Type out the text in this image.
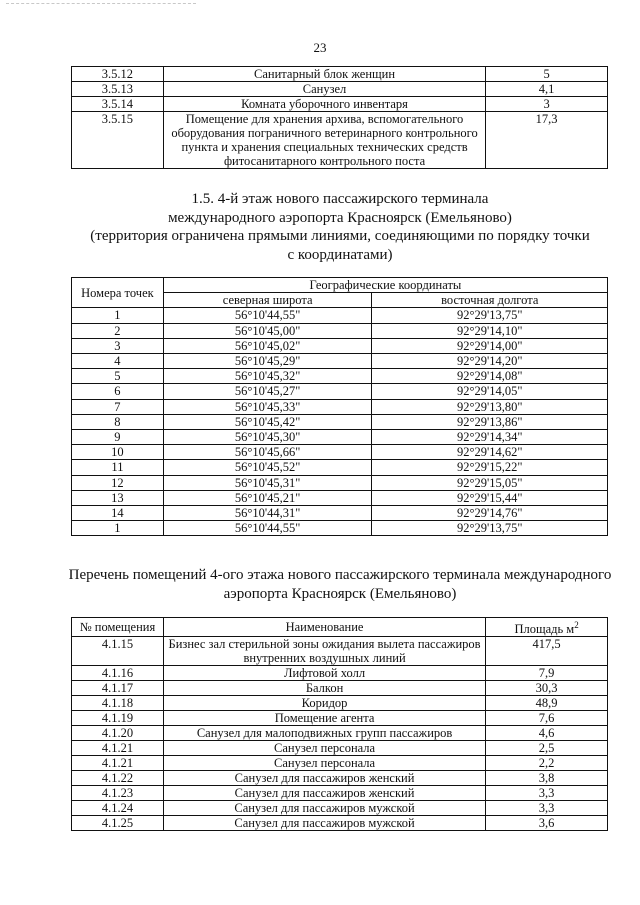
23
3.5.12	Санитарный блок женщин	5
3.5.13	Санузел	4,1
3.5.14	Комната уборочного инвентаря	3
3.5.15	Помещение для хранения архива, вспомогательного оборудования пограничного ветеринарного контрольного пункта и хранения специальных технических средств фитосанитарного контрольного поста	17,3
1.5. 4-й этаж нового пассажирского терминала
международного аэропорта Красноярск (Емельяново)
(территория ограничена прямыми линиями, соединяющими по порядку точки
с координатами)
Номера точек	Географические координаты	
	северная широта	восточная долгота
1	56°10'44,55"	92°29'13,75"
2	56°10'45,00"	92°29'14,10"
3	56°10'45,02"	92°29'14,00"
4	56°10'45,29"	92°29'14,20"
5	56°10'45,32"	92°29'14,08"
6	56°10'45,27"	92°29'14,05"
7	56°10'45,33"	92°29'13,80"
8	56°10'45,42"	92°29'13,86"
9	56°10'45,30"	92°29'14,34"
10	56°10'45,66"	92°29'14,62"
11	56°10'45,52"	92°29'15,22"
12	56°10'45,31"	92°29'15,05"
13	56°10'45,21"	92°29'15,44"
14	56°10'44,31"	92°29'14,76"
1	56°10'44,55"	92°29'13,75"
Перечень помещений 4-ого этажа нового пассажирского терминала международного
аэропорта Красноярск (Емельяново)
№ помещения	Наименование	Площадь $м^2$
4.1.15	Бизнес зал стерильной зоны ожидания вылета пассажиров внутренних воздушных линий	417,5
4.1.16	Лифтовой холл	7,9
4.1.17	Балкон	30,3
4.1.18	Коридор	48,9
4.1.19	Помещение агента	7,6
4.1.20	Санузел для малоподвижных групп пассажиров	4,6
4.1.21	Санузел персонала	2,5
4.1.21	Санузел персонала	2,2
4.1.22	Санузел для пассажиров женский	3,8
4.1.23	Санузел для пассажиров женский	3,3
4.1.24	Санузел для пассажиров мужской	3,3
4.1.25	Санузел для пассажиров мужской	3,6
